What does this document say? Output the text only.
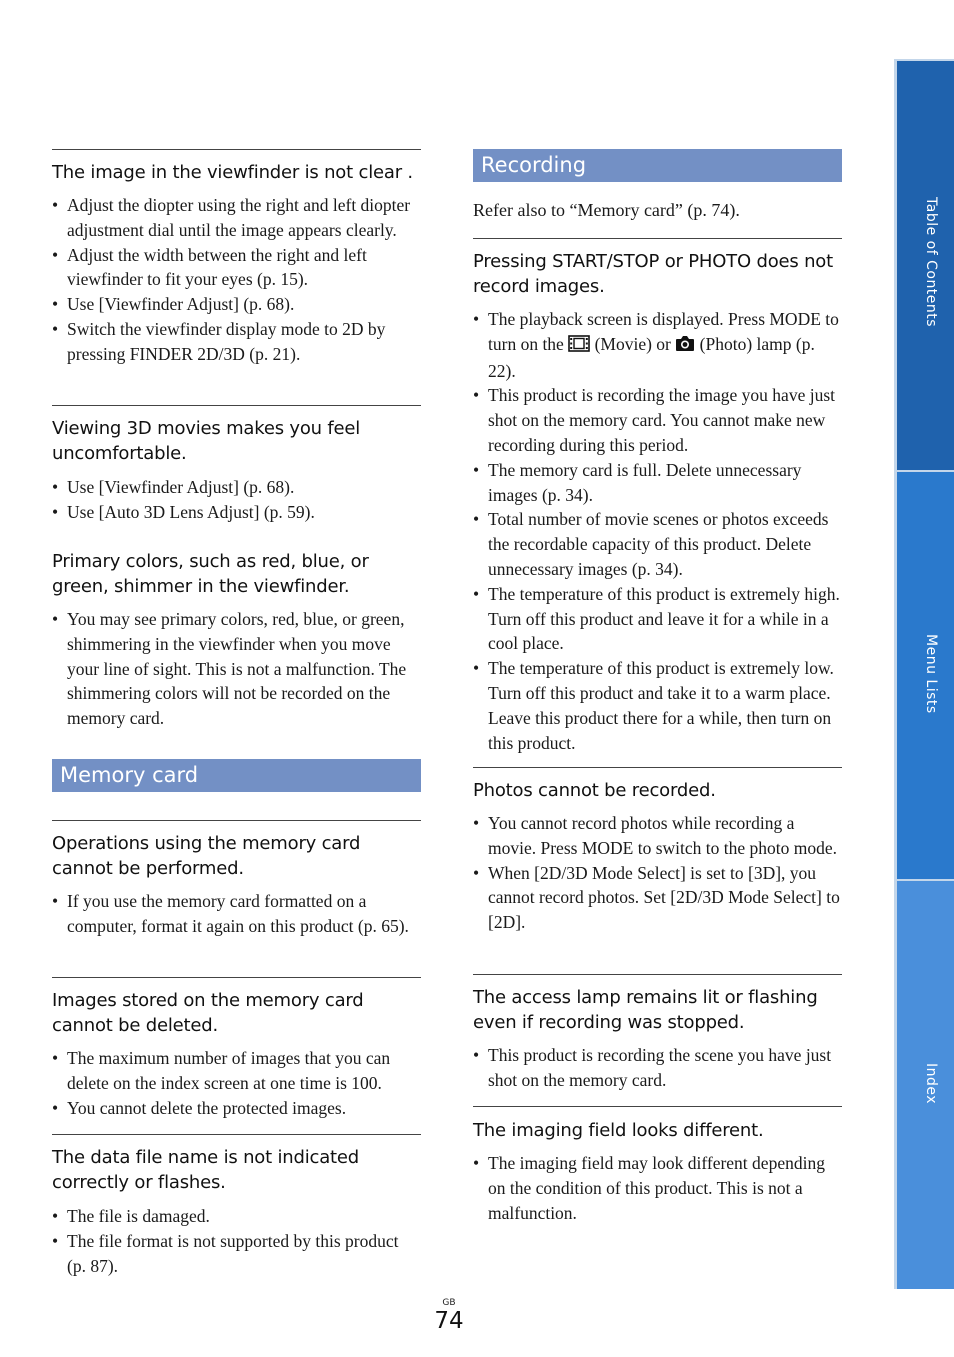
The image in the viewfinder is not clear .
• Adjust the diopter using the right and left diopter adjustment dial until the image appears clearly.
• Adjust the width between the right and left viewfinder to fit your eyes (p. 15).
• Use [Viewfinder Adjust] (p. 68).
• Switch the viewfinder display mode to 2D by pressing FINDER 2D/3D (p. 21).
Viewing 3D movies makes you feel uncomfortable.
• Use [Viewfinder Adjust] (p. 68).
• Use [Auto 3D Lens Adjust] (p. 59).
Primary colors, such as red, blue, or green, shimmer in the viewfinder.
• You may see primary colors, red, blue, or green, shimmering in the viewfinder when you move your line of sight. This is not a malfunction. The shimmering colors will not be recorded on the memory card.
Memory card
Operations using the memory card cannot be performed.
• If you use the memory card formatted on a computer, format it again on this product (p. 65).
Images stored on the memory card cannot be deleted.
• The maximum number of images that you can delete on the index screen at one time is 100.
• You cannot delete the protected images.
The data file name is not indicated correctly or flashes.
• The file is damaged.
• The file format is not supported by this product (p. 87).
Recording
Refer also to “Memory card” (p. 74).
Pressing START/STOP or PHOTO does not record images.
• The playback screen is displayed. Press MODE to turn on the  (Movie) or  (Photo) lamp (p. 22).
• This product is recording the image you have just shot on the memory card. You cannot make new recording during this period.
• The memory card is full. Delete unnecessary images (p. 34).
• Total number of movie scenes or photos exceeds the recordable capacity of this product. Delete unnecessary images (p. 34).
• The temperature of this product is extremely high. Turn off this product and leave it for a while in a cool place.
• The temperature of this product is extremely low. Turn off this product and take it to a warm place. Leave this product there for a while, then turn on this product.
Photos cannot be recorded.
• You cannot record photos while recording a movie. Press MODE to switch to the photo mode.
• When [2D/3D Mode Select] is set to [3D], you cannot record photos. Set [2D/3D Mode Select] to [2D].
The access lamp remains lit or flashing even if recording was stopped.
• This product is recording the scene you have just shot on the memory card.
The imaging field looks different.
• The imaging field may look different depending on the condition of this product. This is not a malfunction.
Table of Contents
Menu Lists
Index
GB
74
